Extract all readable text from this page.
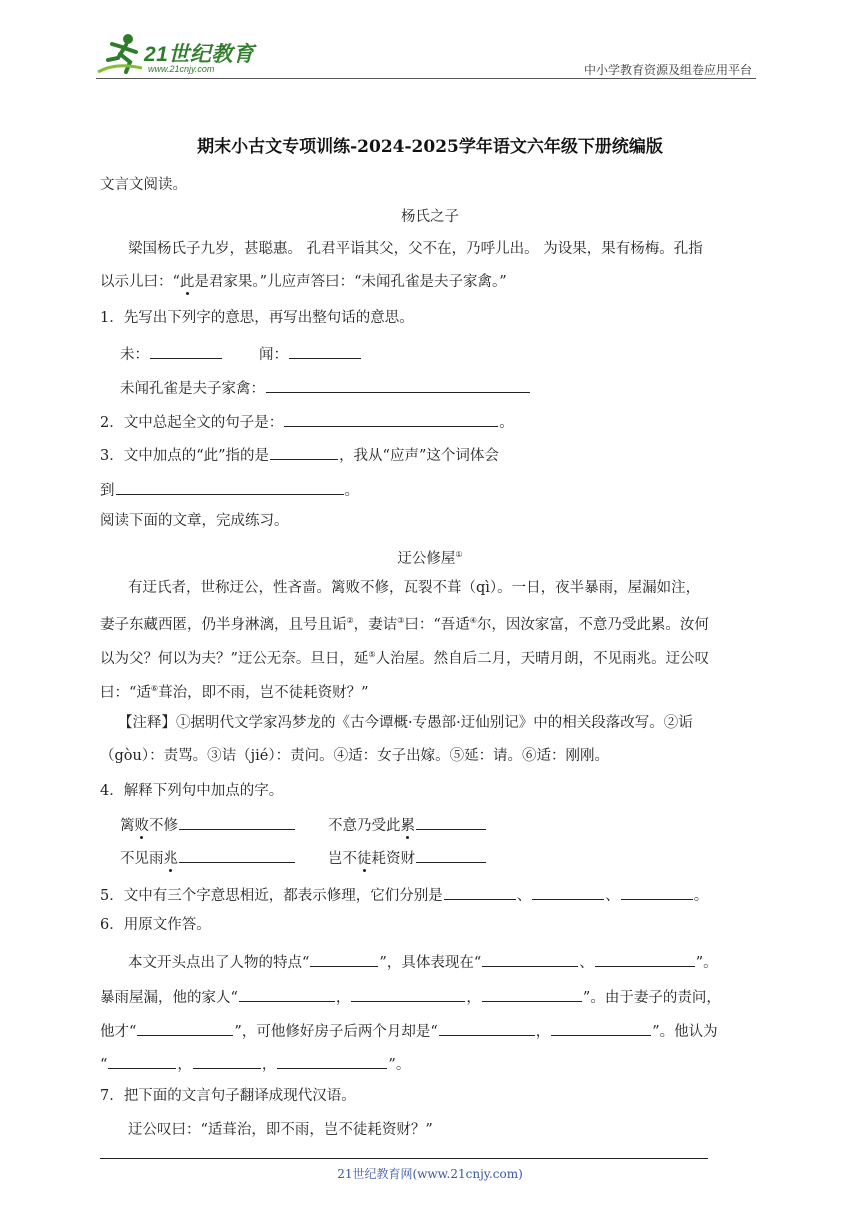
21世纪教育
www.21cnjy.com	中小学教育资源及组卷应用平台
期末小古文专项训练-2024-2025学年语文六年级下册统编版
文言文阅读。
杨氏之子
梁国杨氏子九岁，甚聪惠。 孔君平诣其父，父不在，乃呼儿出。 为设果，果有杨梅。孔指
以示儿曰：“此是君家果。”儿应声答曰：“未闻孔雀是夫子家禽。”
1．先写出下列字的意思，再写出整句话的意思。
未：	闻：
未闻孔雀是夫子家禽：
2．文中总起全文的句子是：	。
3．文中加点的“此”指的是	，我从“应声”这个词体会
到	。
阅读下面的文章，完成练习。
迂公修屋①
有迂氏者，世称迂公，性吝啬。篱败不修，瓦裂不葺（qì）。一日，夜半暴雨，屋漏如注，
妻子东藏西匿，仍半身淋漓，且号且诟②，妻诘③曰：“吾适④尔，因汝家富，不意乃受此累。汝何
以为父？何以为夫？”迂公无奈。旦日，延⑤人治屋。然自后二月，天晴月朗，不见雨兆。迂公叹
曰：“适⑥葺治，即不雨，岂不徒耗资财？”
【注释】①据明代文学家冯梦龙的《古今谭概·专愚部·迂仙别记》中的相关段落改写。②诟
（gòu）：责骂。③诘（jié）：责问。④适：女子出嫁。⑤延：请。⑥适：刚刚。
4．解释下列句中加点的字。
篱败不修	不意乃受此累
不见雨兆	岂不徒耗资财
5．文中有三个字意思相近，都表示修理，它们分别是	、	、	。
6．用原文作答。
本文开头点出了人物的特点“	”，具体表现在“	、	”。
暴雨屋漏，他的家人“	，	，	”。由于妻子的责问，
他才“	”，可他修好房子后两个月却是“	，	”。他认为
“	，	，	”。
7．把下面的文言句子翻译成现代汉语。
迂公叹曰：“适葺治，即不雨，岂不徒耗资财？”
21世纪教育网(www.21cnjy.com)
